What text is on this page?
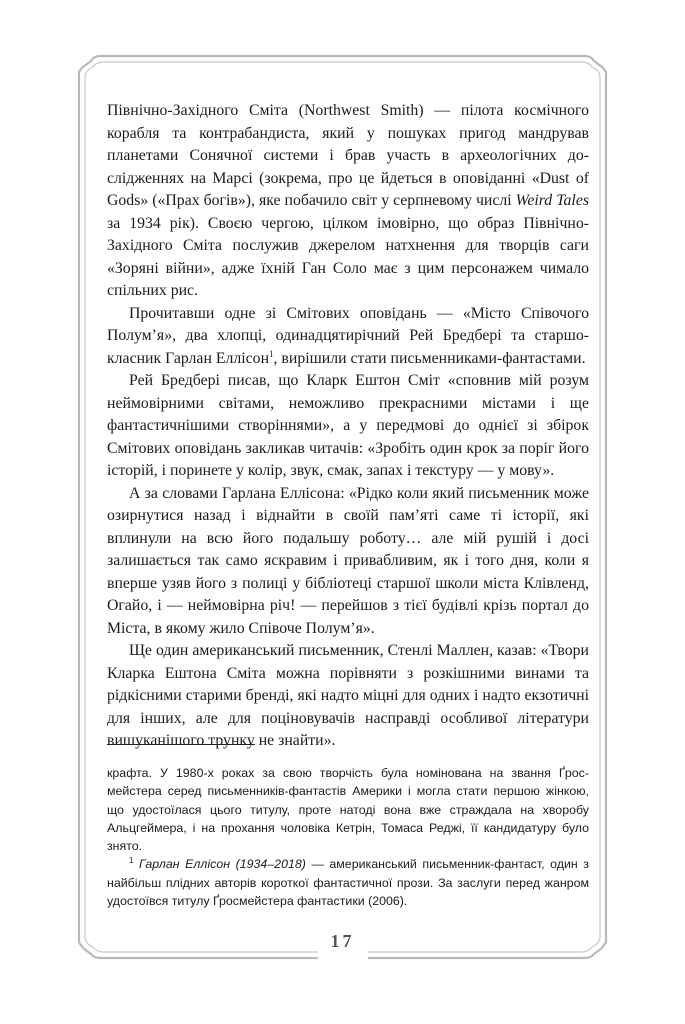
Північно-Західного Сміта (Northwest Smith) — пілота космічного корабля та контрабандиста, який у пошуках пригод мандрував планетами Сонячної системи і брав участь в археологічних дослідженнях на Марсі (зокрема, про це йдеться в оповіданні «Dust of Gods» («Прах богів»), яке побачило світ у серпневому числі Weird Tales за 1934 рік). Своєю чергою, цілком імовірно, що образ Північно-Західного Сміта послужив джерелом натхнення для творців саги «Зоряні війни», адже їхній Ган Соло має з цим персонажем чимало спільних рис.

Прочитавши одне зі Смітових оповідань — «Місто Співочого Полум’я», два хлопці, одинадцятирічний Рей Бредбері та старшокласник Гарлан Еллісон$^1$, вирішили стати письменниками-фантастами.

Рей Бредбері писав, що Кларк Ештон Сміт «сповнив мій розум неймовірними світами, неможливо прекрасними містами і ще фантастичнішими створіннями», а у передмові до однієї зі збірок Смітових оповідань закликав читачів: «Зробіть один крок за поріг його історій, і поринете у колір, звук, смак, запах і текстуру — у мову».

А за словами Гарлана Еллісона: «Рідко коли який письменник може озирнутися назад і віднайти в своїй пам’яті саме ті історії, які вплинули на всю його подальшу роботу… але мій рушій і досі залишається так само яскравим і привабливим, як і того дня, коли я вперше узяв його з полиці у бібліотеці старшої школи міста Клівленд, Огайо, і — неймовірна річ! — перейшов з тієї будівлі крізь портал до Міста, в якому жило Співоче Полум’я».

Ще один американський письменник, Стенлі Маллен, казав: «Твори Кларка Ештона Сміта можна порівняти з розкішними винами та рідкісними старими бренді, які надто міцні для одних і надто екзотичні для інших, але для поціновувачів насправді особливої літератури вишуканішого трунку не знайти».

крафта. У 1980-х роках за свою творчість була номінована на звання Ґросмейстера серед письменників-фантастів Америки і могла стати першою жінкою, що удостоїлася цього титулу, проте натоді вона вже страждала на хворобу Альцгеймера, і на прохання чоловіка Кетрін, Томаса Реджі, її кандидатуру було знято.

$^1$ Гарлан Еллісон (1934–2018) — американський письменник-фантаст, один з найбільш плідних авторів короткої фантастичної прози. За заслуги перед жанром удостоївся титулу Ґросмейстера фантастики (2006).

17
